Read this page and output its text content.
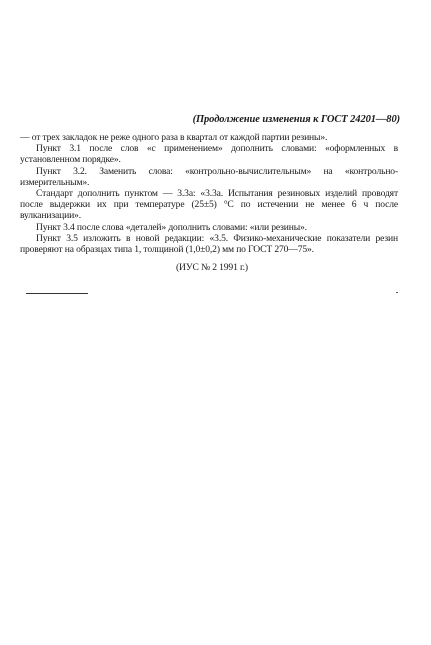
(Продолжение изменения к ГОСТ 24201—80)

— от трех закладок не реже одного раза в квартал от каждой партии резины».

Пункт 3.1 после слов «с применением» дополнить словами: «оформленных в установленном порядке».

Пункт 3.2. Заменить слова: «контрольно-вычислительным» на «контрольно-измерительным».

Стандарт дополнить пунктом — 3.3а: «3.3а. Испытания резиновых изделий проводят после выдержки их при температуре (25±5) °С по истечении не менее 6 ч после вулканизации».

Пункт 3.4 после слова «деталей» дополнить словами: «или резины».

Пункт 3.5 изложить в новой редакции: «3.5. Физико-механические показатели резин проверяют на образцах типа 1, толщиной (1,0±0,2) мм по ГОСТ 270—75».

(ИУС № 2 1991 г.)
